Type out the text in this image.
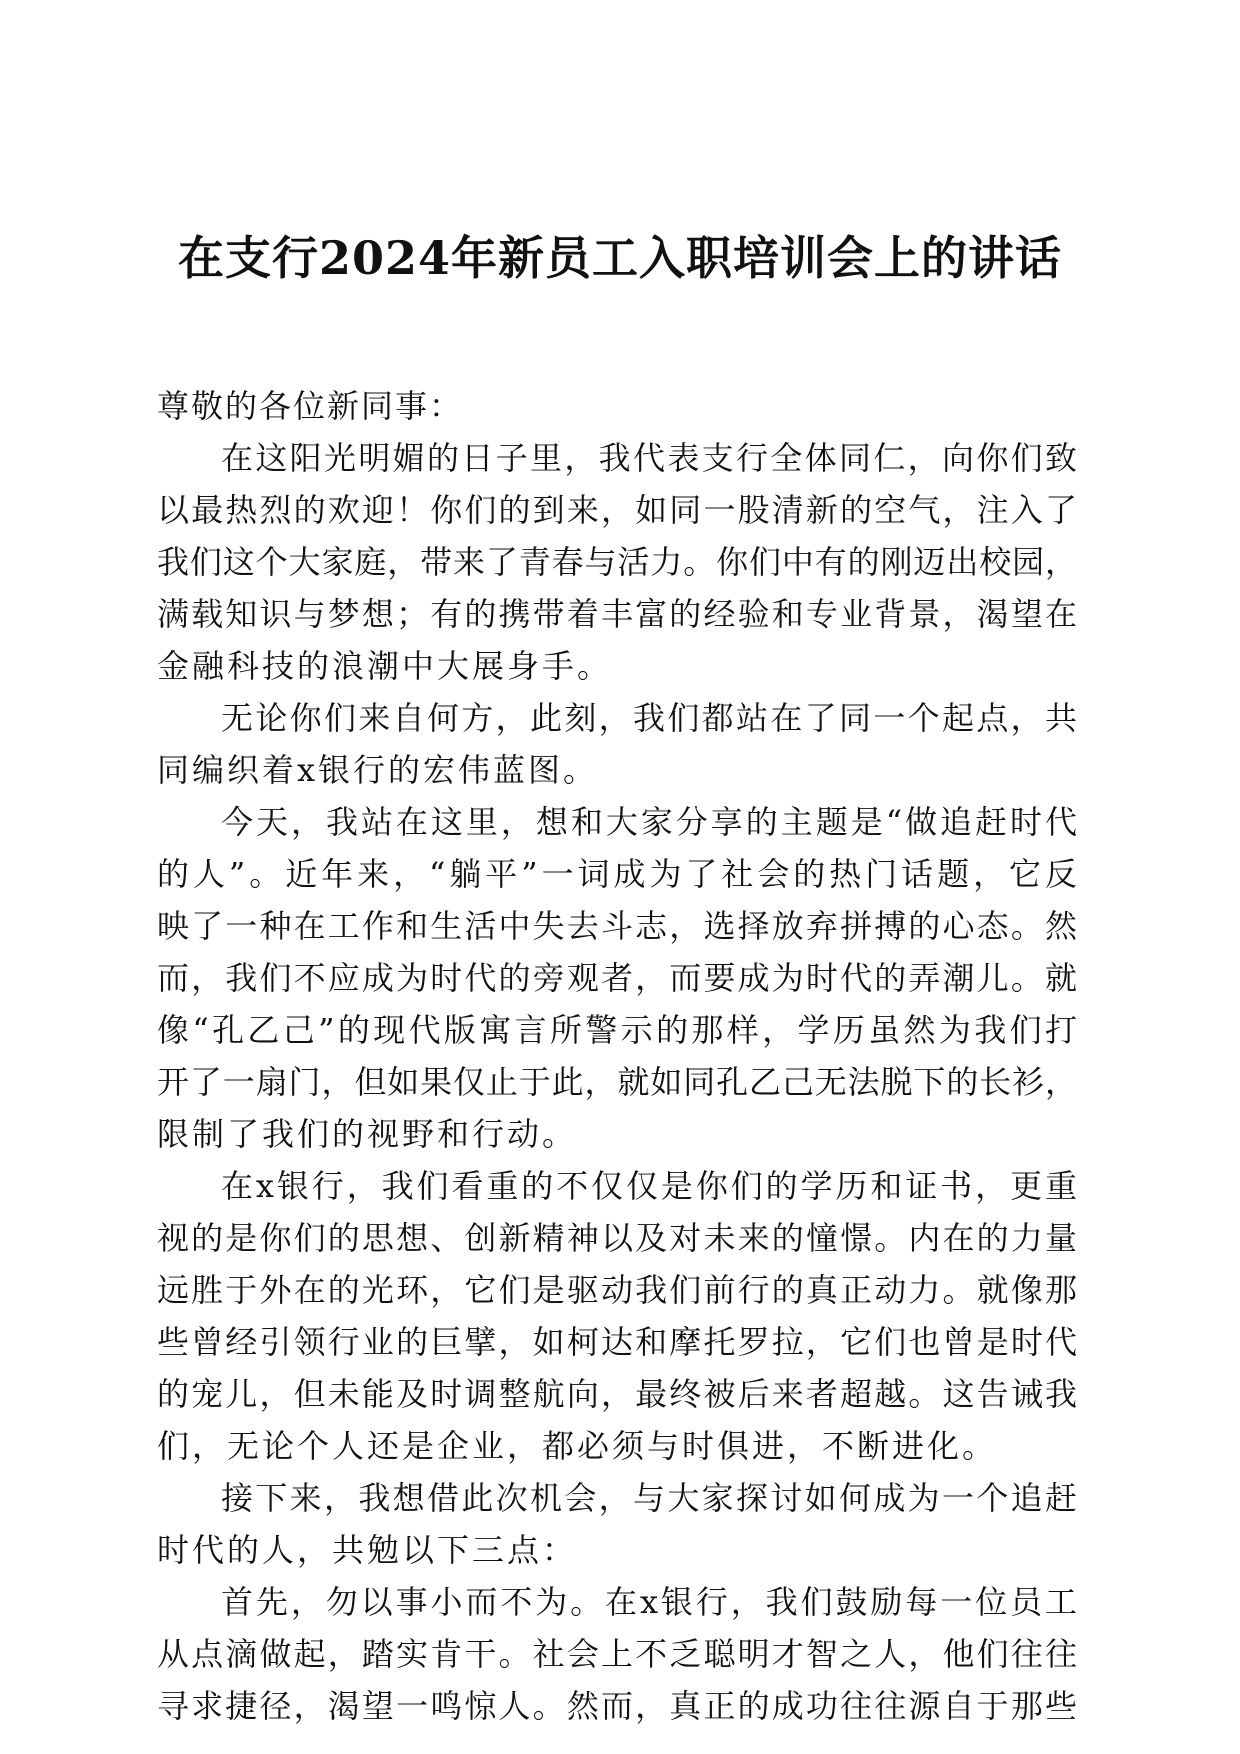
在支行2024年新员工入职培训会上的讲话
尊敬的各位新同事：
在这阳光明媚的日子里，我代表支行全体同仁，向你们致
以最热烈的欢迎！你们的到来，如同一股清新的空气，注入了
我们这个大家庭，带来了青春与活力。你们中有的刚迈出校园，
满载知识与梦想；有的携带着丰富的经验和专业背景，渴望在
金融科技的浪潮中大展身手。
无论你们来自何方，此刻，我们都站在了同一个起点，共
同编织着x银行的宏伟蓝图。
今天，我站在这里，想和大家分享的主题是“做追赶时代
的人”。近年来，“躺平”一词成为了社会的热门话题，它反
映了一种在工作和生活中失去斗志，选择放弃拼搏的心态。然
而，我们不应成为时代的旁观者，而要成为时代的弄潮儿。就
像“孔乙己”的现代版寓言所警示的那样，学历虽然为我们打
开了一扇门，但如果仅止于此，就如同孔乙己无法脱下的长衫，
限制了我们的视野和行动。
在x银行，我们看重的不仅仅是你们的学历和证书，更重
视的是你们的思想、创新精神以及对未来的憧憬。内在的力量
远胜于外在的光环，它们是驱动我们前行的真正动力。就像那
些曾经引领行业的巨擘，如柯达和摩托罗拉，它们也曾是时代
的宠儿，但未能及时调整航向，最终被后来者超越。这告诫我
们，无论个人还是企业，都必须与时俱进，不断进化。
接下来，我想借此次机会，与大家探讨如何成为一个追赶
时代的人，共勉以下三点：
首先，勿以事小而不为。在x银行，我们鼓励每一位员工
从点滴做起，踏实肯干。社会上不乏聪明才智之人，他们往往
寻求捷径，渴望一鸣惊人。然而，真正的成功往往源自于那些
